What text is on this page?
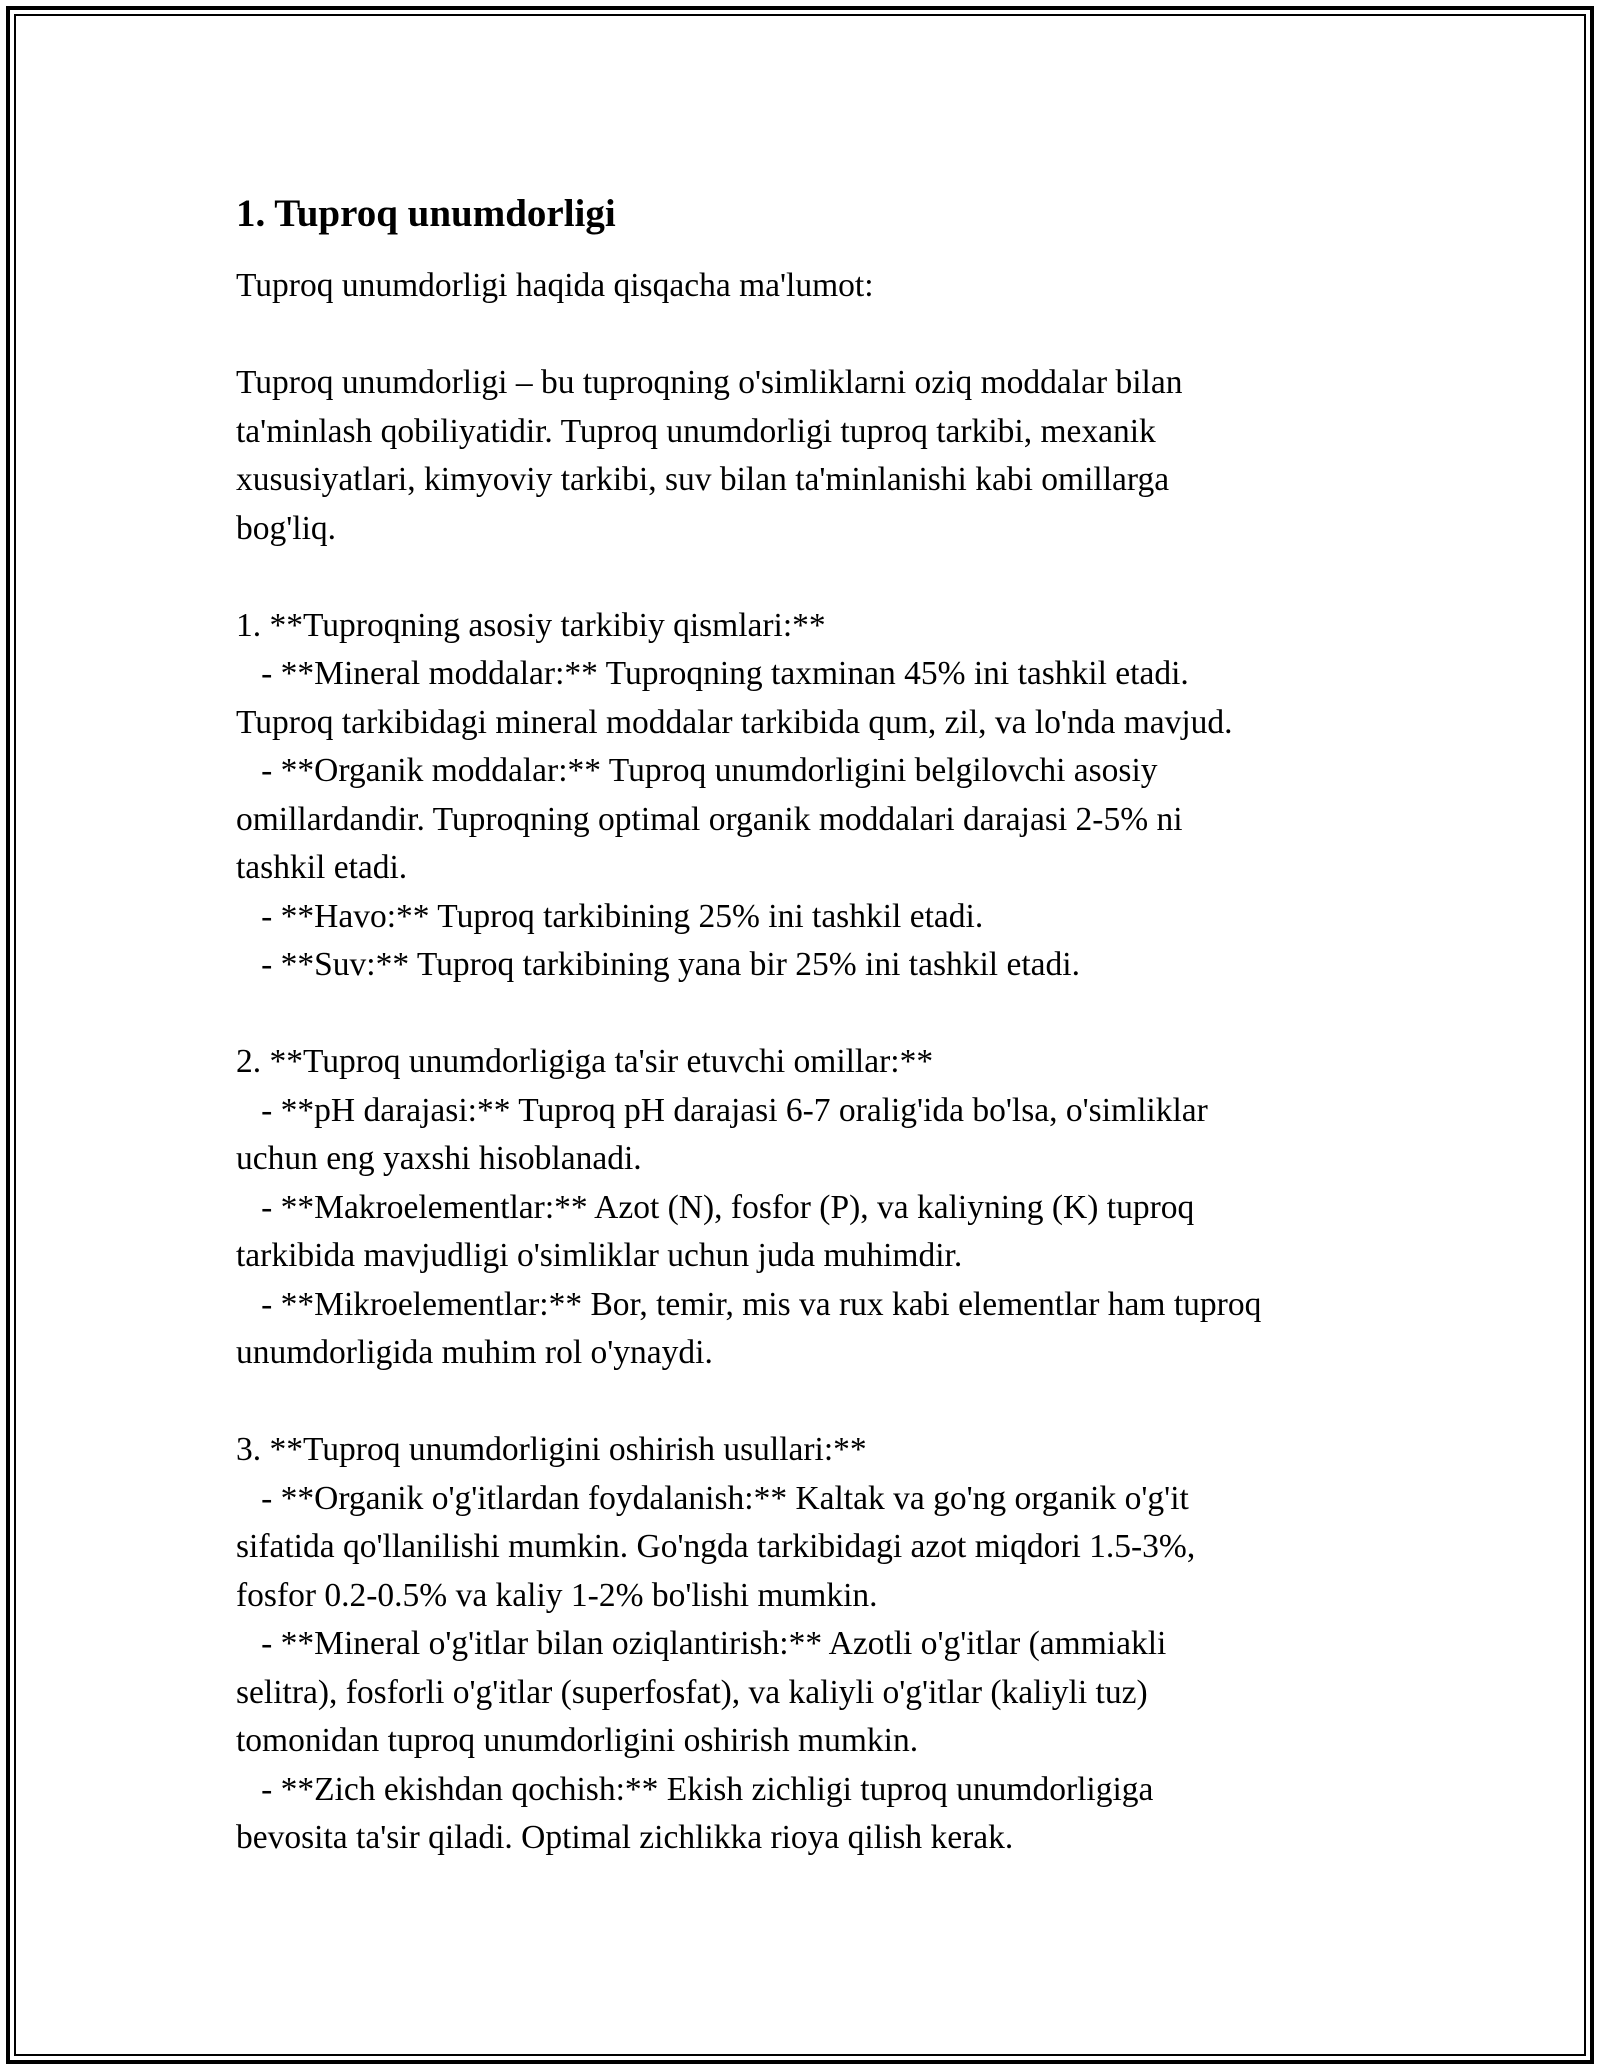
1. Tuproq unumdorligi

Tuproq unumdorligi haqida qisqacha ma'lumot:

Tuproq unumdorligi – bu tuproqning o'simliklarni oziq moddalar bilan

ta'minlash qobiliyatidir. Tuproq unumdorligi tuproq tarkibi, mexanik

xususiyatlari, kimyoviy tarkibi, suv bilan ta'minlanishi kabi omillarga

bog'liq.

1. **Tuproqning asosiy tarkibiy qismlari:**

- **Mineral moddalar:** Tuproqning taxminan 45% ini tashkil etadi.

Tuproq tarkibidagi mineral moddalar tarkibida qum, zil, va lo'nda mavjud.

- **Organik moddalar:** Tuproq unumdorligini belgilovchi asosiy

omillardandir. Tuproqning optimal organik moddalari darajasi 2-5% ni

tashkil etadi.

- **Havo:** Tuproq tarkibining 25% ini tashkil etadi.

- **Suv:** Tuproq tarkibining yana bir 25% ini tashkil etadi.

2. **Tuproq unumdorligiga ta'sir etuvchi omillar:**

- **pH darajasi:** Tuproq pH darajasi 6-7 oralig'ida bo'lsa, o'simliklar

uchun eng yaxshi hisoblanadi.

- **Makroelementlar:** Azot (N), fosfor (P), va kaliyning (K) tuproq

tarkibida mavjudligi o'simliklar uchun juda muhimdir.

- **Mikroelementlar:** Bor, temir, mis va rux kabi elementlar ham tuproq

unumdorligida muhim rol o'ynaydi.

3. **Tuproq unumdorligini oshirish usullari:**

- **Organik o'g'itlardan foydalanish:** Kaltak va go'ng organik o'g'it

sifatida qo'llanilishi mumkin. Go'ngda tarkibidagi azot miqdori 1.5-3%,

fosfor 0.2-0.5% va kaliy 1-2% bo'lishi mumkin.

- **Mineral o'g'itlar bilan oziqlantirish:** Azotli o'g'itlar (ammiakli

selitra), fosforli o'g'itlar (superfosfat), va kaliyli o'g'itlar (kaliyli tuz)

tomonidan tuproq unumdorligini oshirish mumkin.

- **Zich ekishdan qochish:** Ekish zichligi tuproq unumdorligiga

bevosita ta'sir qiladi. Optimal zichlikka rioya qilish kerak.
